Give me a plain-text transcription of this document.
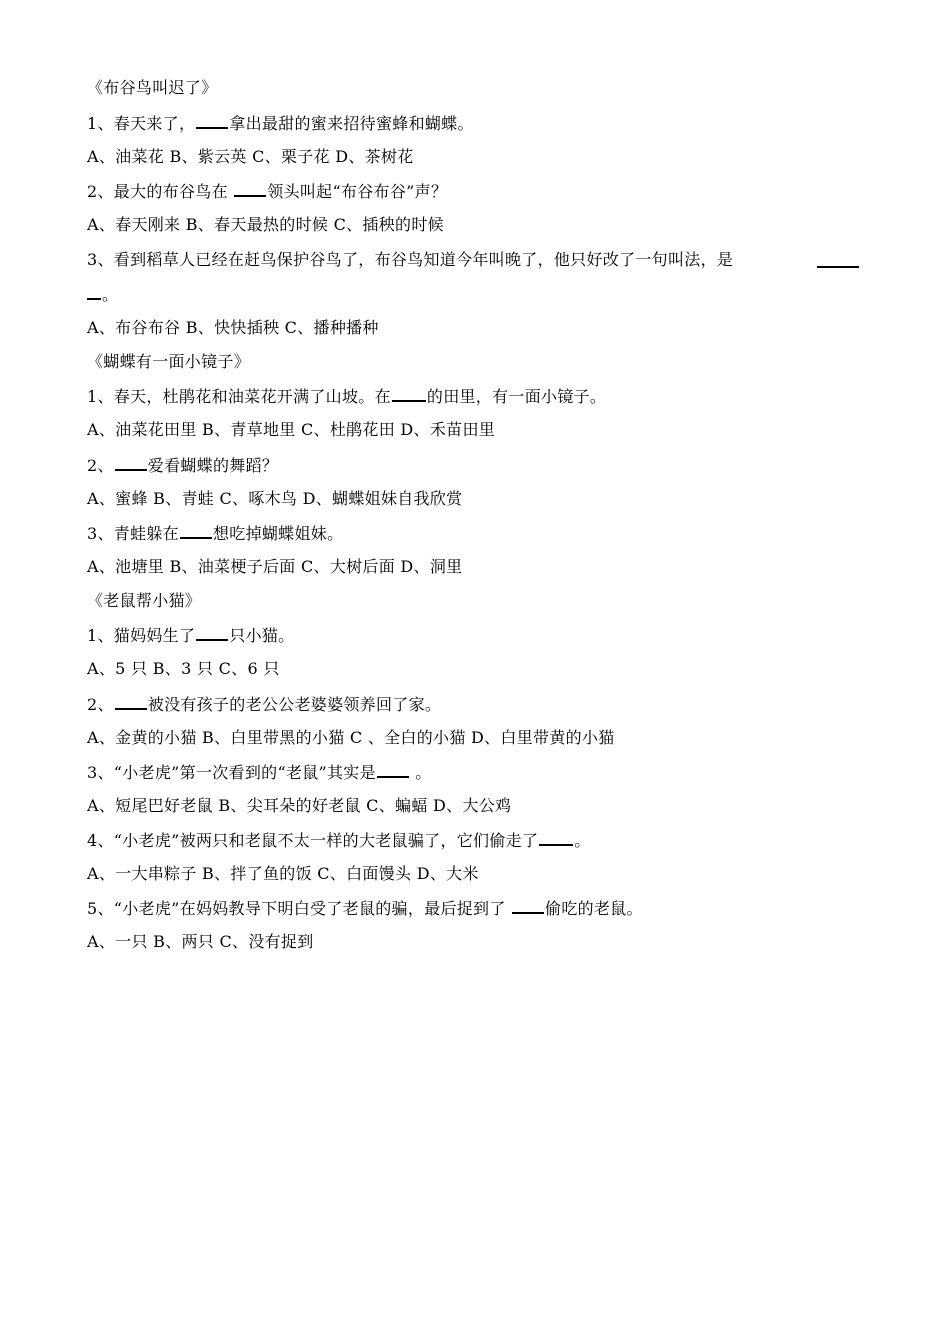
《布谷鸟叫迟了》
1、春天来了， 拿出最甜的蜜来招待蜜蜂和蝴蝶。
A、油菜花 B、紫云英 C、栗子花 D、茶树花
2、最大的布谷鸟在 领头叫起“布谷布谷”声？
A、春天刚来 B、春天最热的时候 C、插秧的时候
3、看到稻草人已经在赶鸟保护谷鸟了，布谷鸟知道今年叫晚了，他只好改了一句叫法，是
。
A、布谷布谷 B、快快插秧 C、播种播种
《蝴蝶有一面小镜子》
1、春天，杜鹃花和油菜花开满了山坡。在 的田里，有一面小镜子。
A、油菜花田里 B、青草地里 C、杜鹃花田 D、禾苗田里
2、 爱看蝴蝶的舞蹈？
A、蜜蜂 B、青蛙 C、啄木鸟 D、蝴蝶姐妹自我欣赏
3、青蛙躲在 想吃掉蝴蝶姐妹。
A、池塘里 B、油菜梗子后面 C、大树后面 D、洞里
《老鼠帮小猫》
1、猫妈妈生了 只小猫。
A、5 只 B、3 只 C、6 只
2、 被没有孩子的老公公老婆婆领养回了家。
A、金黄的小猫 B、白里带黑的小猫 C 、全白的小猫 D、白里带黄的小猫
3、“小老虎”第一次看到的“老鼠”其实是 。
A、短尾巴好老鼠 B、尖耳朵的好老鼠 C、蝙蝠 D、大公鸡
4、“小老虎”被两只和老鼠不太一样的大老鼠骗了，它们偷走了 。
A、一大串粽子 B、拌了鱼的饭 C、白面馒头 D、大米
5、“小老虎”在妈妈教导下明白受了老鼠的骗，最后捉到了 偷吃的老鼠。
A、一只 B、两只 C、没有捉到
